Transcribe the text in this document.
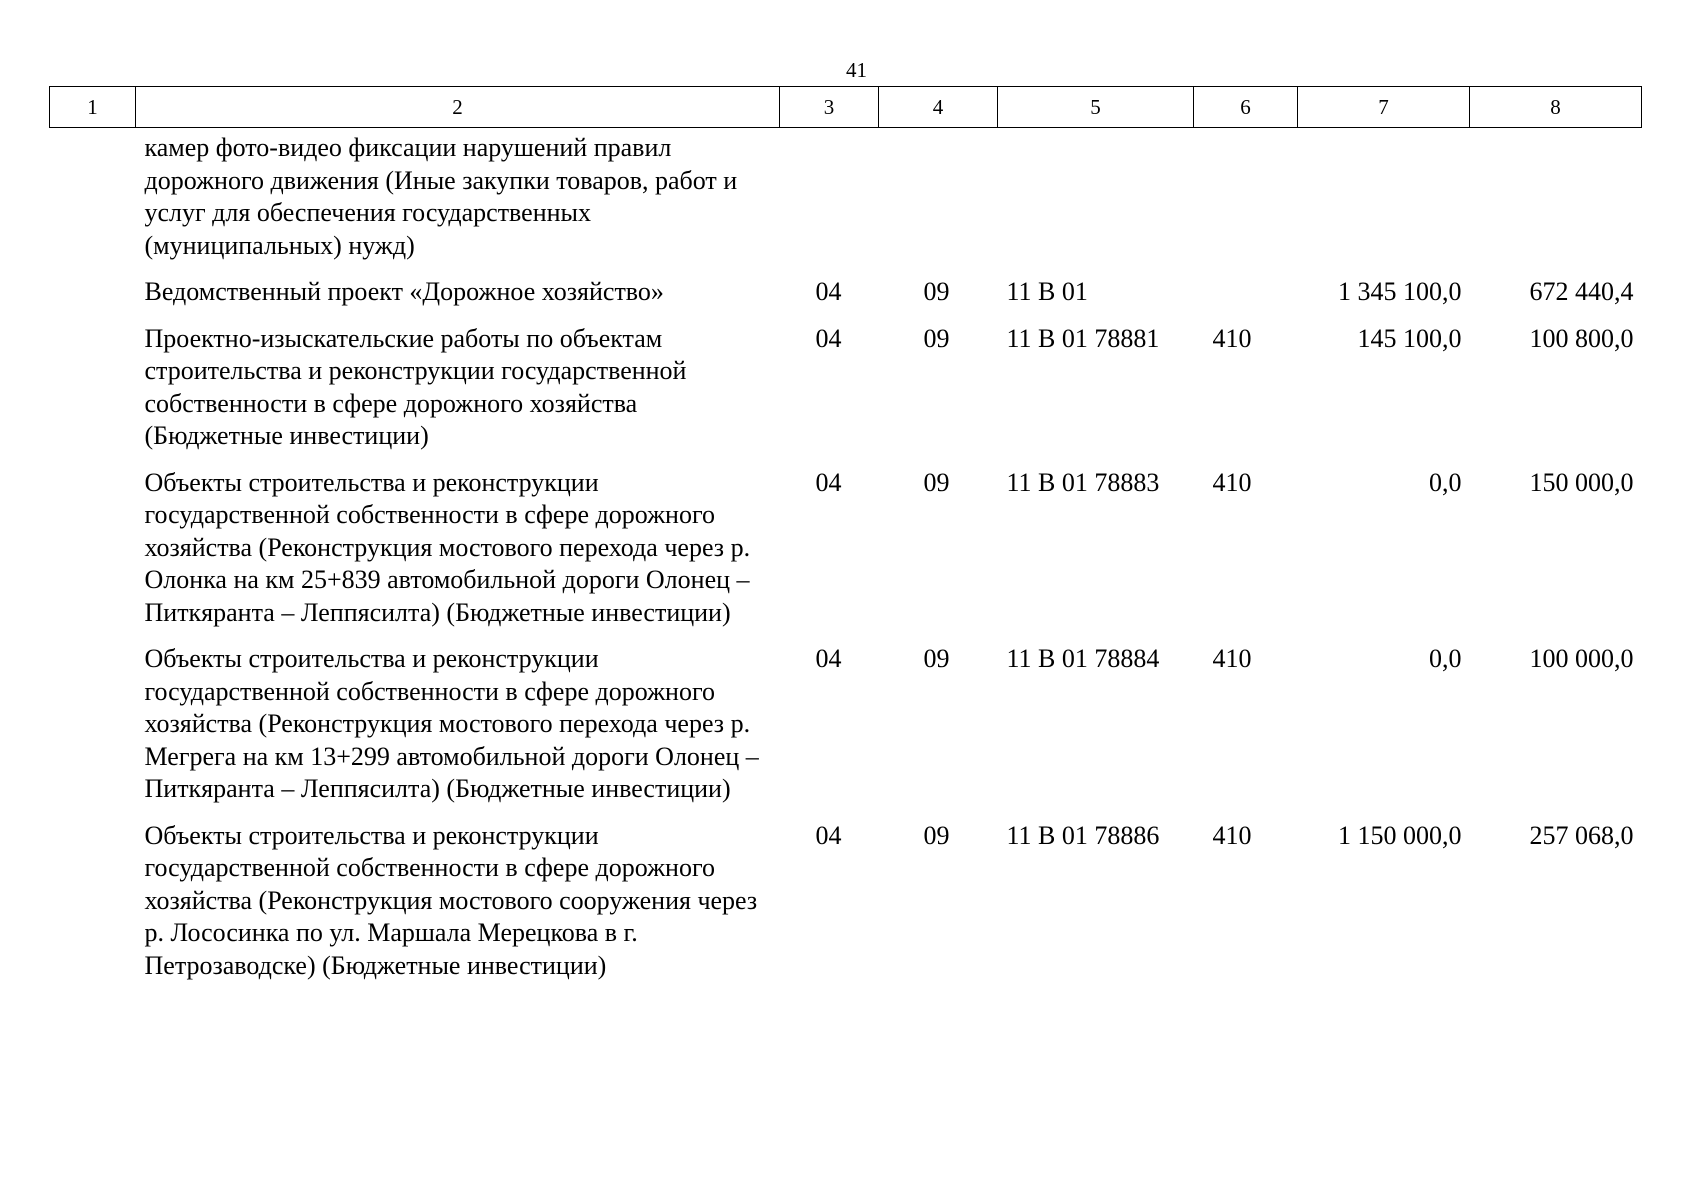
41
1	2	3	4	5	6	7	8
	камер фото-видео фиксации нарушений правил дорожного движения (Иные закупки товаров, работ и услуг для обеспечения государственных (муниципальных) нужд)						
	Ведомственный проект «Дорожное хозяйство»	04	09	11 В 01		1 345 100,0	672 440,4
	Проектно-изыскательские работы по объектам строительства и реконструкции государственной собственности в сфере дорожного хозяйства (Бюджетные инвестиции)	04	09	11 В 01 78881	410	145 100,0	100 800,0
	Объекты строительства и реконструкции государственной собственности в сфере дорожного хозяйства (Реконструкция мостового перехода через р. Олонка на км 25+839 автомобильной дороги Олонец – Питкяранта – Леппясилта) (Бюджетные инвестиции)	04	09	11 В 01 78883	410	0,0	150 000,0
	Объекты строительства и реконструкции государственной собственности в сфере дорожного хозяйства (Реконструкция мостового перехода через р. Мегрега на км 13+299 автомобильной дороги Олонец – Питкяранта – Леппясилта) (Бюджетные инвестиции)	04	09	11 В 01 78884	410	0,0	100 000,0
	Объекты строительства и реконструкции государственной собственности в сфере дорожного хозяйства (Реконструкция мостового сооружения через р. Лососинка по ул. Маршала Мерецкова в г. Петрозаводске) (Бюджетные инвестиции)	04	09	11 В 01 78886	410	1 150 000,0	257 068,0
